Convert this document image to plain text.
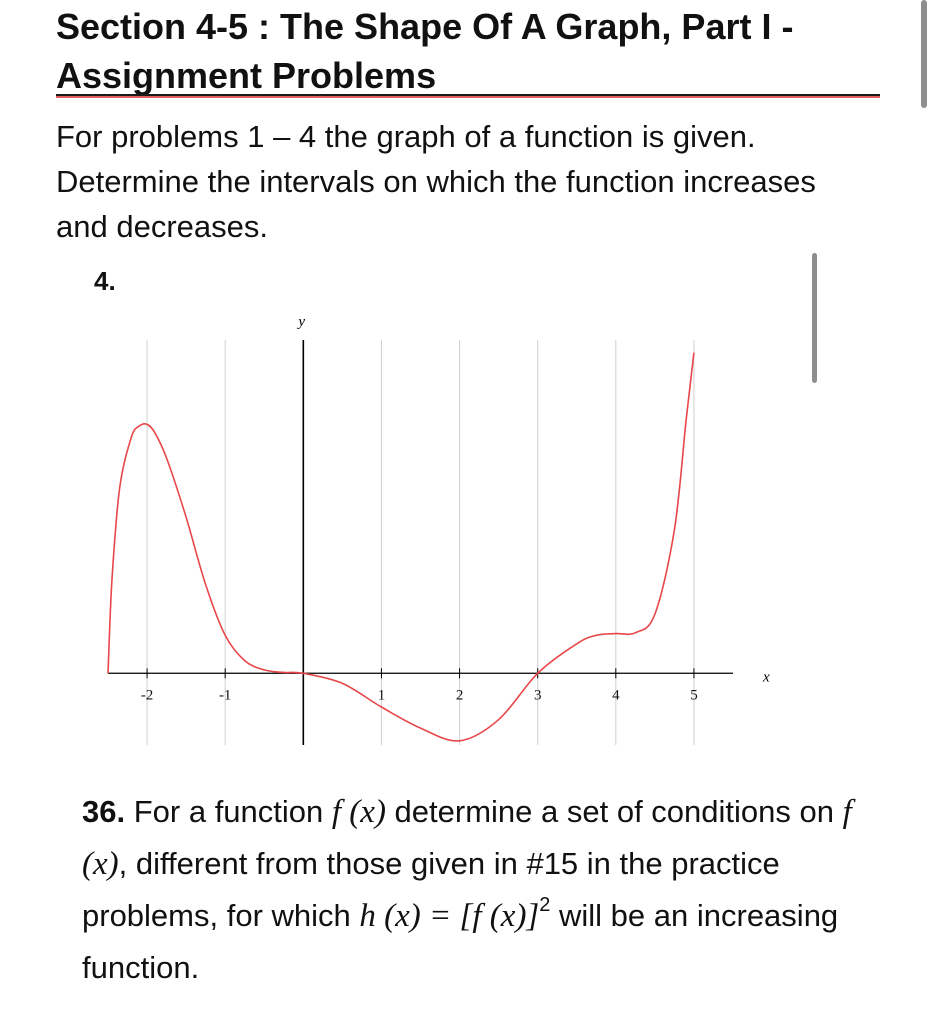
Section 4-5 : The Shape Of A Graph, Part I -
Assignment Problems

For problems 1 – 4 the graph of a function is given. Determine the intervals on which the function increases and decreases.

4.
-2	-1	1	2	3	4	5
y
x

36. For a function f (x) determine a set of conditions on f (x), different from those given in #15 in the practice problems, for which h (x) = [f (x)]$^2$ will be an increasing function.
